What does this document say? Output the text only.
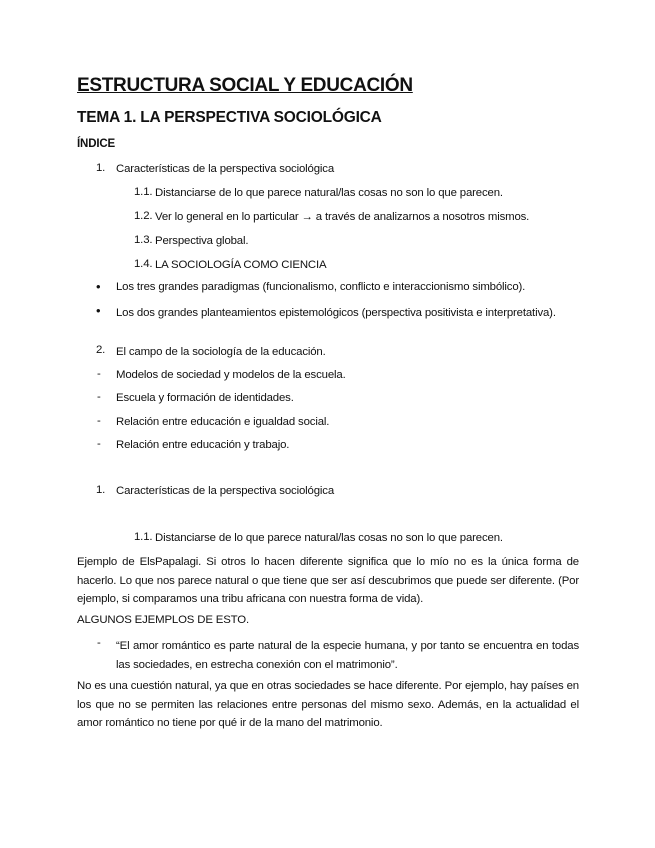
ESTRUCTURA SOCIAL Y EDUCACIÓN
TEMA 1. LA PERSPECTIVA SOCIOLÓGICA
ÍNDICE
1. Características de la perspectiva sociológica
1.1. Distanciarse de lo que parece natural/las cosas no son lo que parecen.
1.2. Ver lo general en lo particular → a través de analizarnos a nosotros mismos.
1.3. Perspectiva global.
1.4. LA SOCIOLOGÍA COMO CIENCIA
• Los tres grandes paradigmas (funcionalismo, conflicto e interaccionismo simbólico).
• Los dos grandes planteamientos epistemológicos (perspectiva positivista e interpretativa).
2. El campo de la sociología de la educación.
- Modelos de sociedad y modelos de la escuela.
- Escuela y formación de identidades.
- Relación entre educación e igualdad social.
- Relación entre educación y trabajo.
1. Características de la perspectiva sociológica
1.1. Distanciarse de lo que parece natural/las cosas no son lo que parecen.
Ejemplo de ElsPapalagi. Si otros lo hacen diferente significa que lo mío no es la única forma de hacerlo. Lo que nos parece natural o que tiene que ser así descubrimos que puede ser diferente. (Por ejemplo, si comparamos una tribu africana con nuestra forma de vida).
ALGUNOS EJEMPLOS DE ESTO.
- “El amor romántico es parte natural de la especie humana, y por tanto se encuentra en todas las sociedades, en estrecha conexión con el matrimonio”.
No es una cuestión natural, ya que en otras sociedades se hace diferente. Por ejemplo, hay países en los que no se permiten las relaciones entre personas del mismo sexo. Además, en la actualidad el amor romántico no tiene por qué ir de la mano del matrimonio.
